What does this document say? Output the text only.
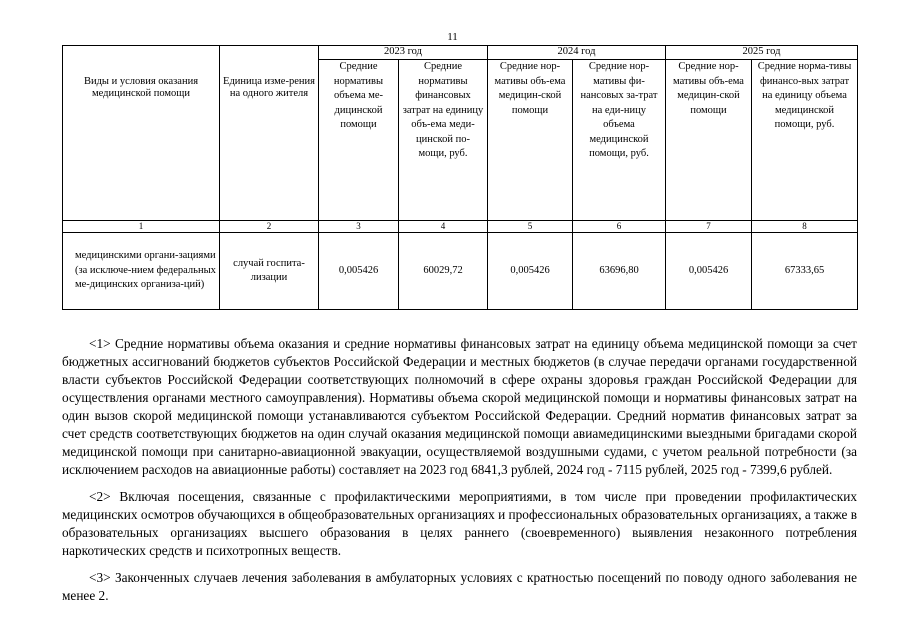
11
Виды и условия оказания медицинской помощи	Единица изме-рения на одного жителя	2023 год		2024 год		2025 год	
		Средние нормативы объема ме-дицинской помощи	Средние нормативы финансовых затрат на единицу объ-ема меди-цинской по-мощи, руб.	Средние нор-мативы объ-ема медицин-ской помощи	Средние нор-мативы фи-нансовых за-трат на еди-ницу объема медицинской помощи, руб.	Средние нор-мативы объ-ема медицин-ской помощи	Средние норма-тивы финансо-вых затрат на единицу объема медицинской помощи, руб.
1	2	3	4	5	6	7	8
медицинскими органи-зациями (за исключе-нием федеральных ме-дицинских организа-ций)	случай госпита-лизации	0,005426	60029,72	0,005426	63696,80	0,005426	67333,65

<1> Средние нормативы объема оказания и средние нормативы финансовых затрат на единицу объема медицинской помощи за счет бюджетных ассигнований бюджетов субъектов Российской Федерации и местных бюджетов (в случае передачи органами государственной власти субъектов Российской Федерации соответствующих полномочий в сфере охраны здоровья граждан Российской Федерации для осуществления органами местного самоуправления). Нормативы объема скорой медицинской помощи и нормативы финансовых затрат на один вызов скорой медицинской помощи устанавливаются субъектом Российской Федерации. Средний норматив финансовых затрат за счет средств соответствующих бюджетов на один случай оказания медицинской помощи авиамедицинскими выездными бригадами скорой медицинской помощи при санитарно-авиационной эвакуации, осуществляемой воздушными судами, с учетом реальной потребности (за исключением расходов на авиационные работы) составляет на 2023 год 6841,3 рублей, 2024 год - 7115 рублей, 2025 год - 7399,6 рублей.

<2> Включая посещения, связанные с профилактическими мероприятиями, в том числе при проведении профилактических медицинских осмотров обучающихся в общеобразовательных организациях и профессиональных образовательных организациях, а также в образовательных организациях высшего образования в целях раннего (своевременного) выявления незаконного потребления наркотических средств и психотропных веществ.

<3> Законченных случаев лечения заболевания в амбулаторных условиях с кратностью посещений по поводу одного заболевания не менее 2.
